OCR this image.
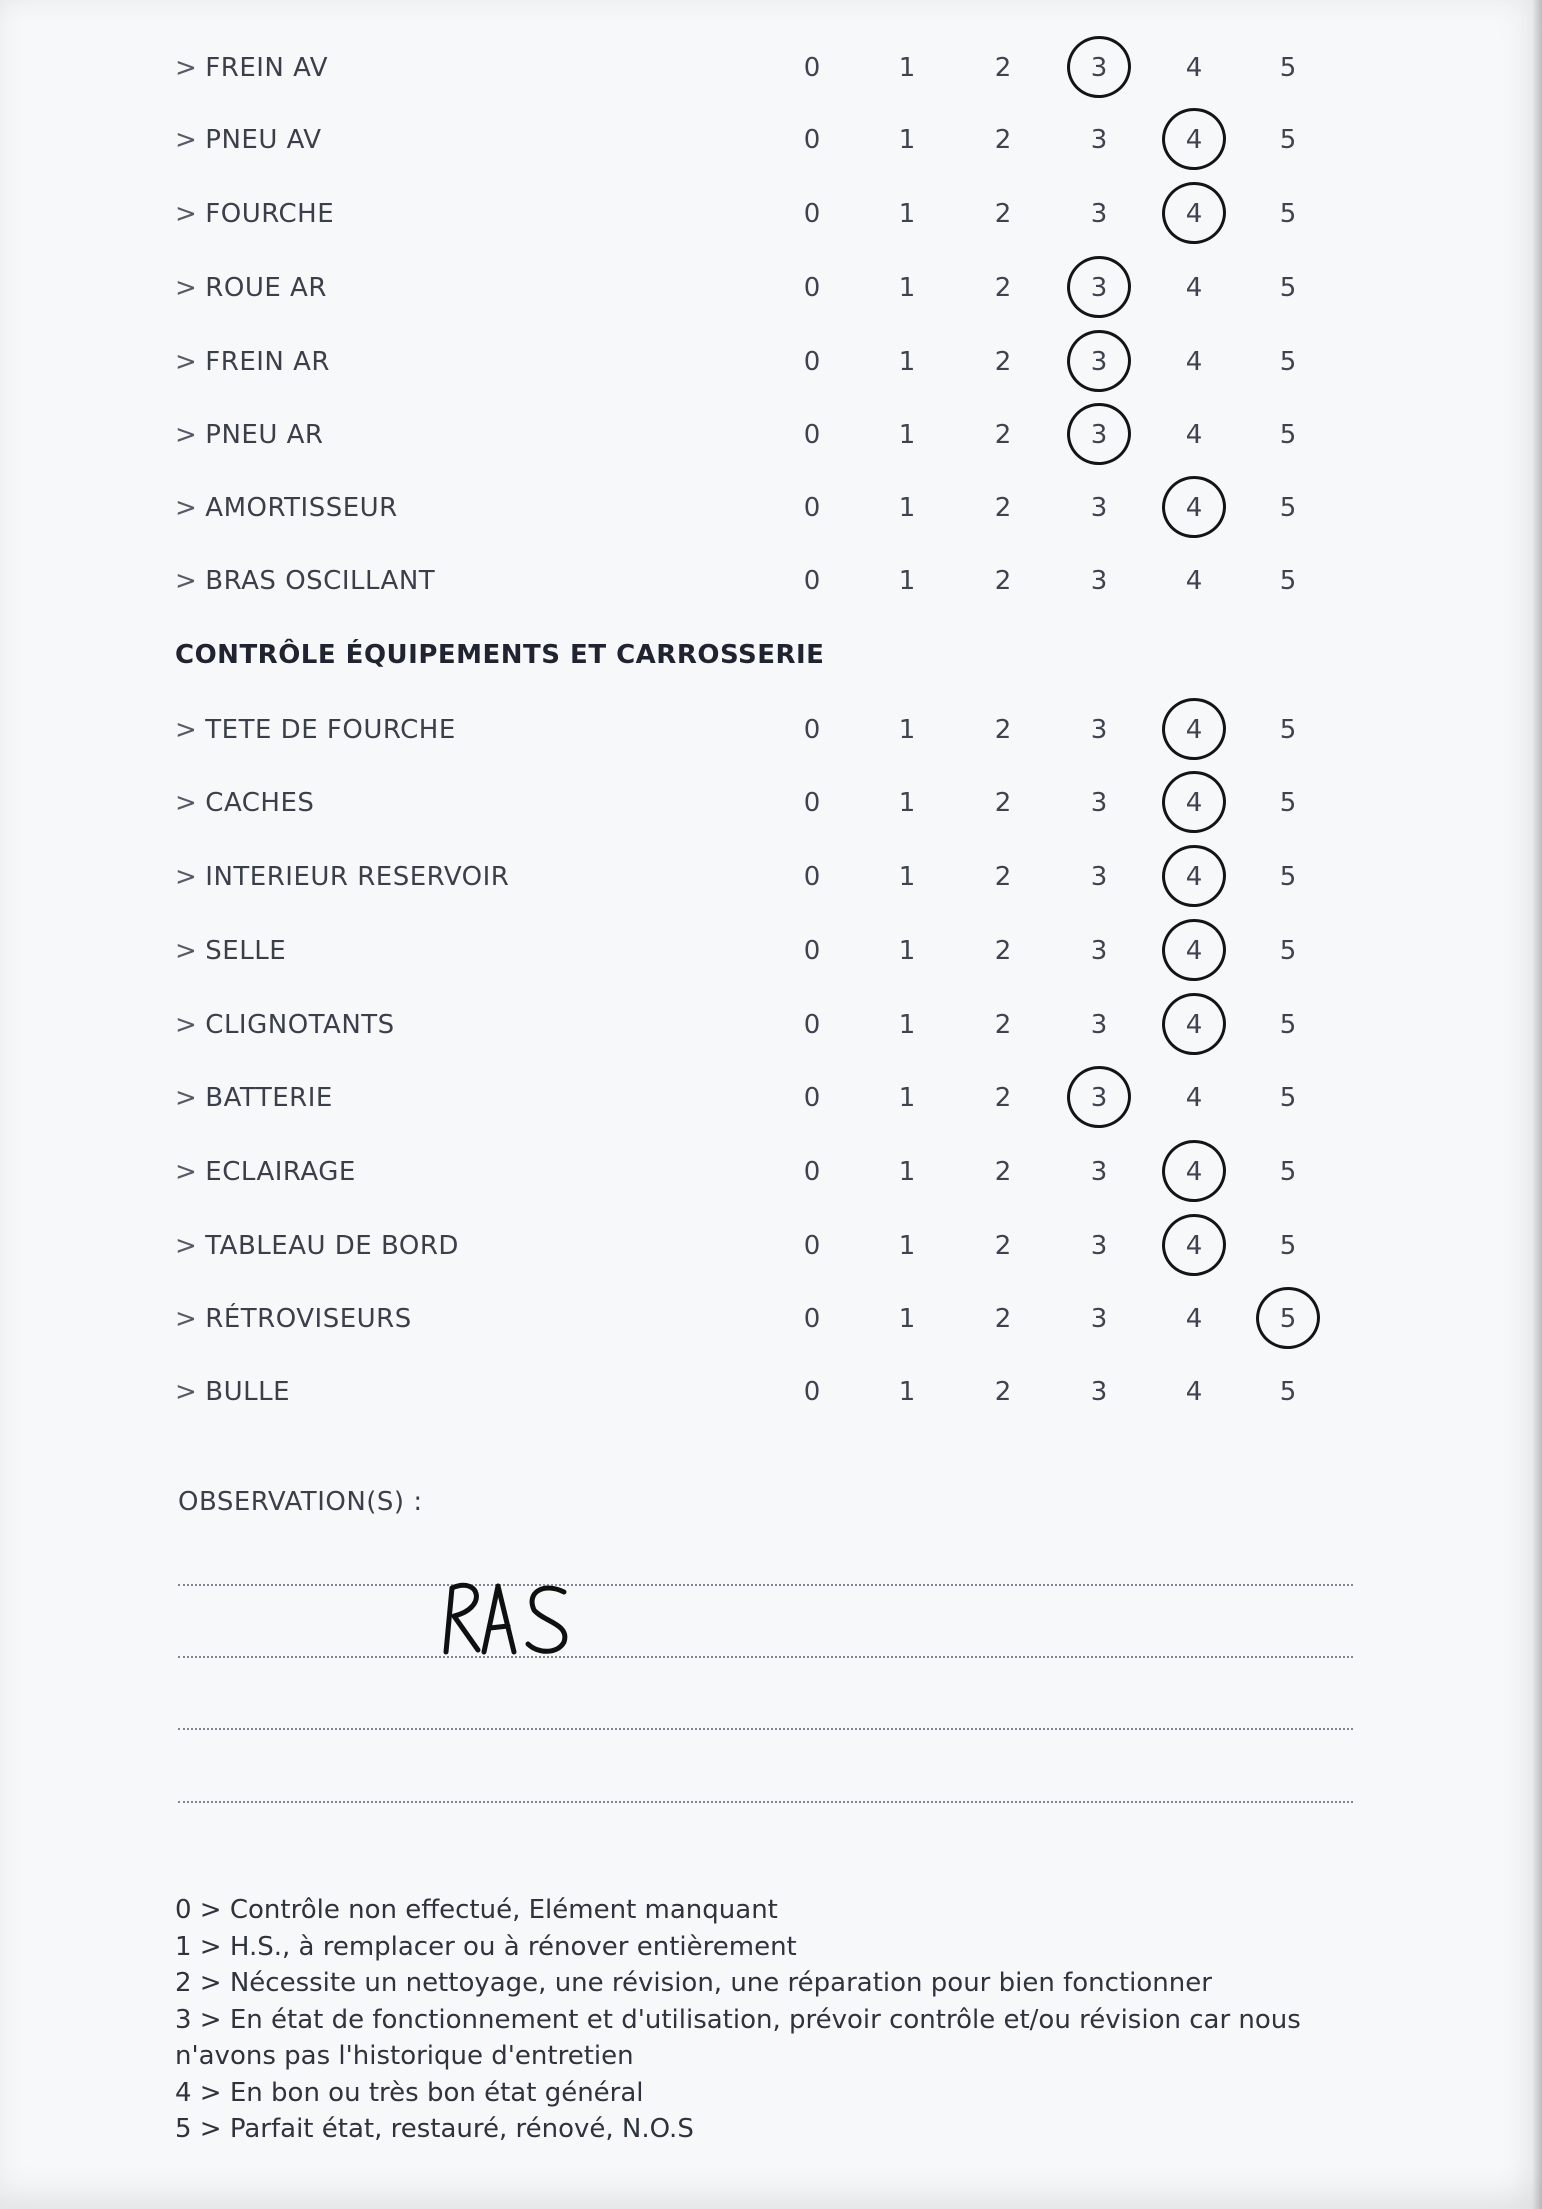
> FREIN AV	0	1	2	3	4	5
> PNEU AV	0	1	2	3	4	5
> FOURCHE	0	1	2	3	4	5
> ROUE AR	0	1	2	3	4	5
> FREIN AR	0	1	2	3	4	5
> PNEU AR	0	1	2	3	4	5
> AMORTISSEUR	0	1	2	3	4	5
> BRAS OSCILLANT	0	1	2	3	4	5
> TETE DE FOURCHE	0	1	2	3	4	5
> CACHES	0	1	2	3	4	5
> INTERIEUR RESERVOIR	0	1	2	3	4	5
> SELLE	0	1	2	3	4	5
> CLIGNOTANTS	0	1	2	3	4	5
> BATTERIE	0	1	2	3	4	5
> ECLAIRAGE	0	1	2	3	4	5
> TABLEAU DE BORD	0	1	2	3	4	5
> RÉTROVISEURS	0	1	2	3	4	5
> BULLE	0	1	2	3	4	5
CONTRÔLE ÉQUIPEMENTS ET CARROSSERIE
OBSERVATION(S) :
0 > Contrôle non effectué, Elément manquant
1 > H.S., à remplacer ou à rénover entièrement
2 > Nécessite un nettoyage, une révision, une réparation pour bien fonctionner
3 > En état de fonctionnement et d'utilisation, prévoir contrôle et/ou révision car nous n'avons pas l'historique d'entretien
4 > En bon ou très bon état général
5 > Parfait état, restauré, rénové, N.O.S
